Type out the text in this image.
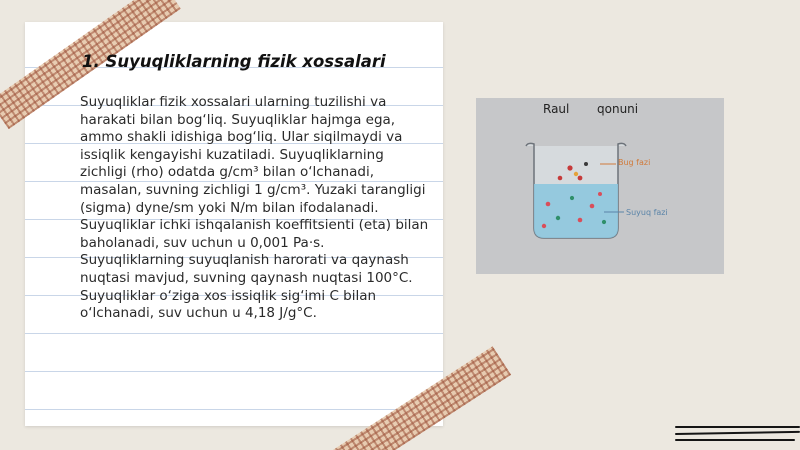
1. Suyuqliklarning fizik xossalari

Suyuqliklar fizik xossalari ularning tuzilishi va harakati bilan bog‘liq. Suyuqliklar hajmga ega, ammo shakli idishiga bog‘liq. Ular siqilmaydi va issiqlik kengayishi kuzatiladi. Suyuqliklarning zichligi (rho) odatda g/cm³ bilan o‘lchanadi, masalan, suvning zichligi 1 g/cm³. Yuzaki tarangligi (sigma) dyne/sm yoki N/m bilan ifodalanadi. Suyuqliklar ichki ishqalanish koeffitsienti (eta) bilan baholanadi, suv uchun u 0,001 Pa·s. Suyuqliklarning suyuqlanish harorati va qaynash nuqtasi mavjud, suvning qaynash nuqtasi 100°C. Suyuqliklar o‘ziga xos issiqlik sig‘imi C bilan o‘lchanadi, suv uchun u 4,18 J/g°C.

Raul qonuni
Bug fazi
Suyuq fazi
